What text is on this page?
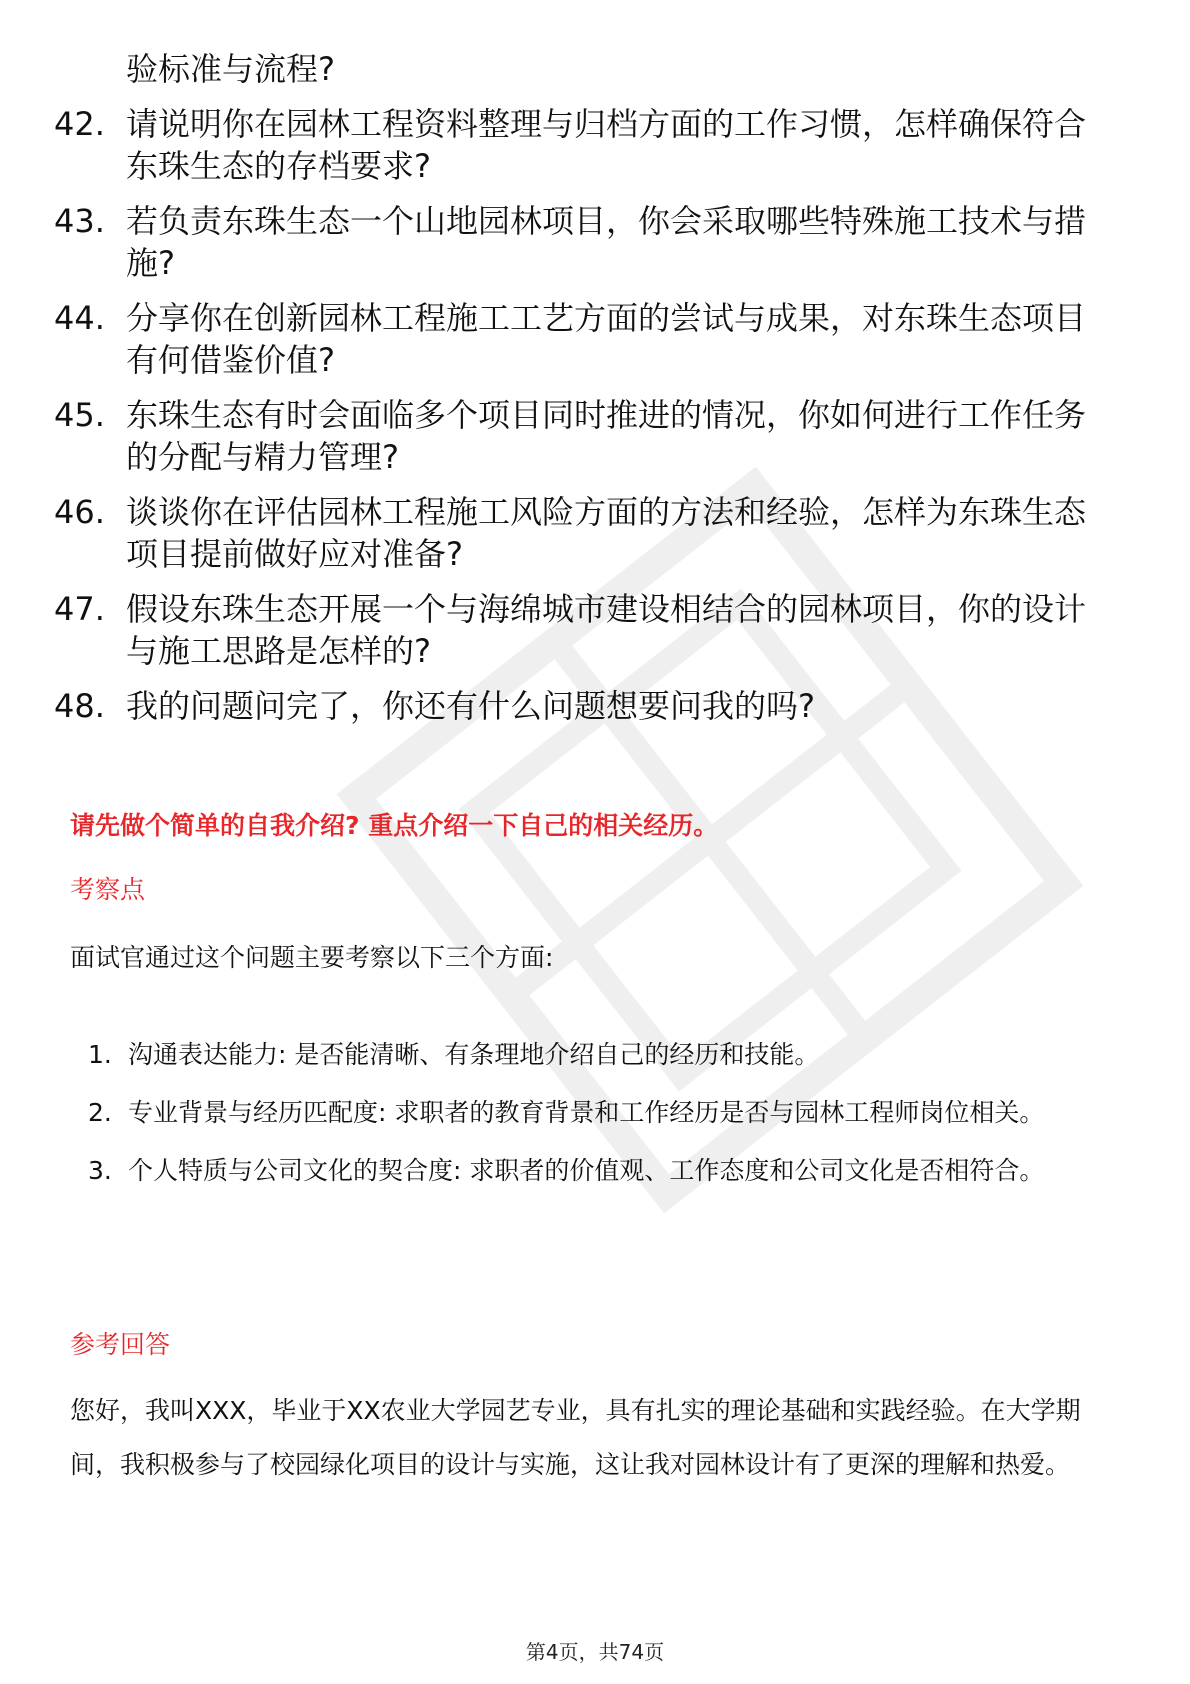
验标准与流程?
42. 请说明你在园林工程资料整理与归档方面的工作习惯，怎样确保符合东珠生态的存档要求?
43. 若负责东珠生态一个山地园林项目，你会采取哪些特殊施工技术与措施?
44. 分享你在创新园林工程施工工艺方面的尝试与成果，对东珠生态项目有何借鉴价值?
45. 东珠生态有时会面临多个项目同时推进的情况，你如何进行工作任务的分配与精力管理?
46. 谈谈你在评估园林工程施工风险方面的方法和经验，怎样为东珠生态项目提前做好应对准备?
47. 假设东珠生态开展一个与海绵城市建设相结合的园林项目，你的设计与施工思路是怎样的?
48. 我的问题问完了，你还有什么问题想要问我的吗?
请先做个简单的自我介绍? 重点介绍一下自己的相关经历。
考察点
面试官通过这个问题主要考察以下三个方面:
1. 沟通表达能力: 是否能清晰、有条理地介绍自己的经历和技能。
2. 专业背景与经历匹配度: 求职者的教育背景和工作经历是否与园林工程师岗位相关。
3. 个人特质与公司文化的契合度: 求职者的价值观、工作态度和公司文化是否相符合。
参考回答
您好，我叫XXX，毕业于XX农业大学园艺专业，具有扎实的理论基础和实践经验。在大学期间，我积极参与了校园绿化项目的设计与实施，这让我对园林设计有了更深的理解和热爱。
第4页，共74页
